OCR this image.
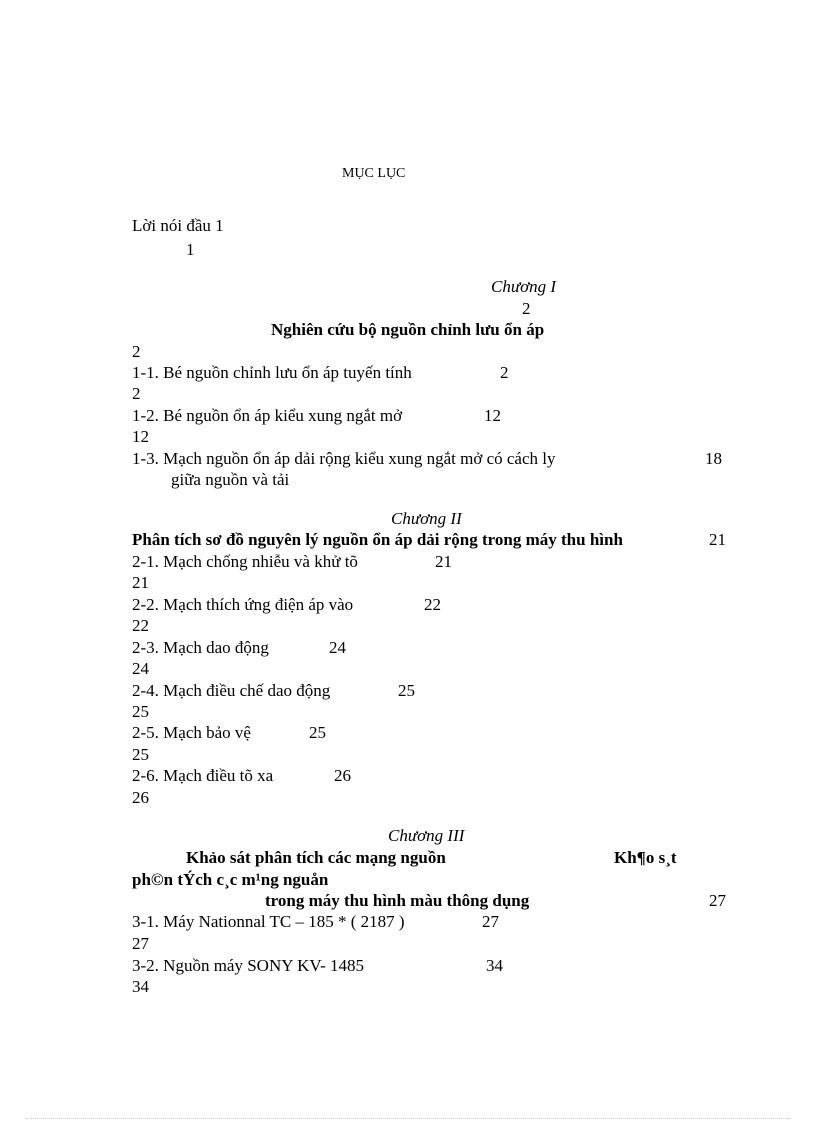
MỤC LỤC
Lời nói đầu 1
1
Chương I
2
Nghiên cứu bộ nguồn chỉnh lưu ổn áp
2
1-1. Bé nguồn chỉnh lưu ổn áp tuyến tính	2
2
1-2. Bé nguồn ổn áp kiểu xung ngắt mở	12
12
1-3. Mạch nguồn ổn áp dải rộng kiểu xung ngắt mở có cách ly	18
giữa nguồn và tải
Chương II
Phân tích sơ đồ nguyên lý nguồn ổn áp dải rộng trong máy thu hình	21
2-1. Mạch chống nhiễu và khử tõ	21
21
2-2. Mạch thích ứng điện áp vào	22
22
2-3. Mạch dao động	24
24
2-4. Mạch điều chế dao động	25
25
2-5. Mạch bảo vệ	25
25
2-6. Mạch điều tõ xa	26
26
Chương III
Khảo sát phân tích các mạng nguồn	Kh¶o s¸t
ph©n tÝch c¸c m¹ng nguån
trong máy thu hình màu thông dụng	27
3-1. Máy Nationnal TC – 185 * ( 2187 )	27
27
3-2. Nguồn máy SONY KV- 1485	34
34
